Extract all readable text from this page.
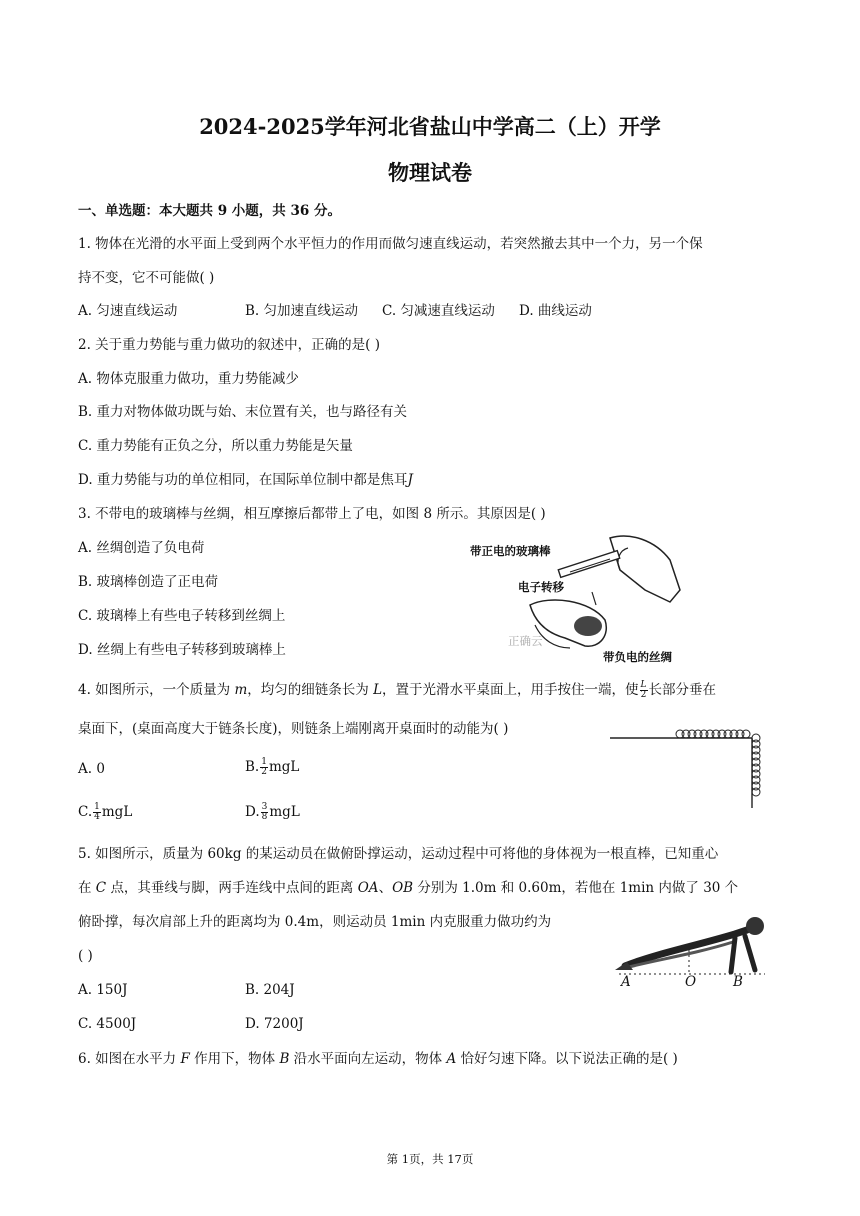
2024-2025学年河北省盐山中学高二（上）开学
物理试卷
一、单选题：本大题共 9 小题，共 36 分。
1. 物体在光滑的水平面上受到两个水平恒力的作用而做匀速直线运动，若突然撤去其中一个力，另一个保
持不变，它不可能做( )
A. 匀速直线运动	B. 匀加速直线运动 C. 匀减速直线运动 D. 曲线运动
2. 关于重力势能与重力做功的叙述中，正确的是( )
A. 物体克服重力做功，重力势能减少
B. 重力对物体做功既与始、末位置有关，也与路径有关
C. 重力势能有正负之分，所以重力势能是矢量
D. 重力势能与功的单位相同，在国际单位制中都是焦耳J
3. 不带电的玻璃棒与丝绸，相互摩擦后都带上了电，如图 8 所示。其原因是( )
A. 丝绸创造了负电荷
B. 玻璃棒创造了正电荷
C. 玻璃棒上有些电子转移到丝绸上
D. 丝绸上有些电子转移到玻璃棒上
带正电的玻璃棒
电子转移
正确云
带负电的丝绸
4. 如图所示，一个质量为 m，均匀的细链条长为 L，置于光滑水平桌面上，用手按住一端，使 $\frac{L}{2}$ 长部分垂在
桌面下，(桌面高度大于链条长度)，则链条上端刚离开桌面时的动能为( )
A. 0	B. $\frac{1}{2}$ mgL
C. $\frac{1}{4}$ mgL	D. $\frac{3}{8}$ mgL
5. 如图所示，质量为 60kg 的某运动员在做俯卧撑运动，运动过程中可将他的身体视为一根直棒，已知重心
在 C 点，其垂线与脚，两手连线中点间的距离 OA、OB 分别为 1.0m 和 0.60m，若他在 1min 内做了 30 个
俯卧撑，每次肩部上升的距离均为 0.4m，则运动员 1min 内克服重力做功约为
( )
A. 150J	B. 204J
C. 4500J	D. 7200J
A	O	B
6. 如图在水平力 F 作用下，物体 B 沿水平面向左运动，物体 A 恰好匀速下降。以下说法正确的是( )
第 1页，共 17页
